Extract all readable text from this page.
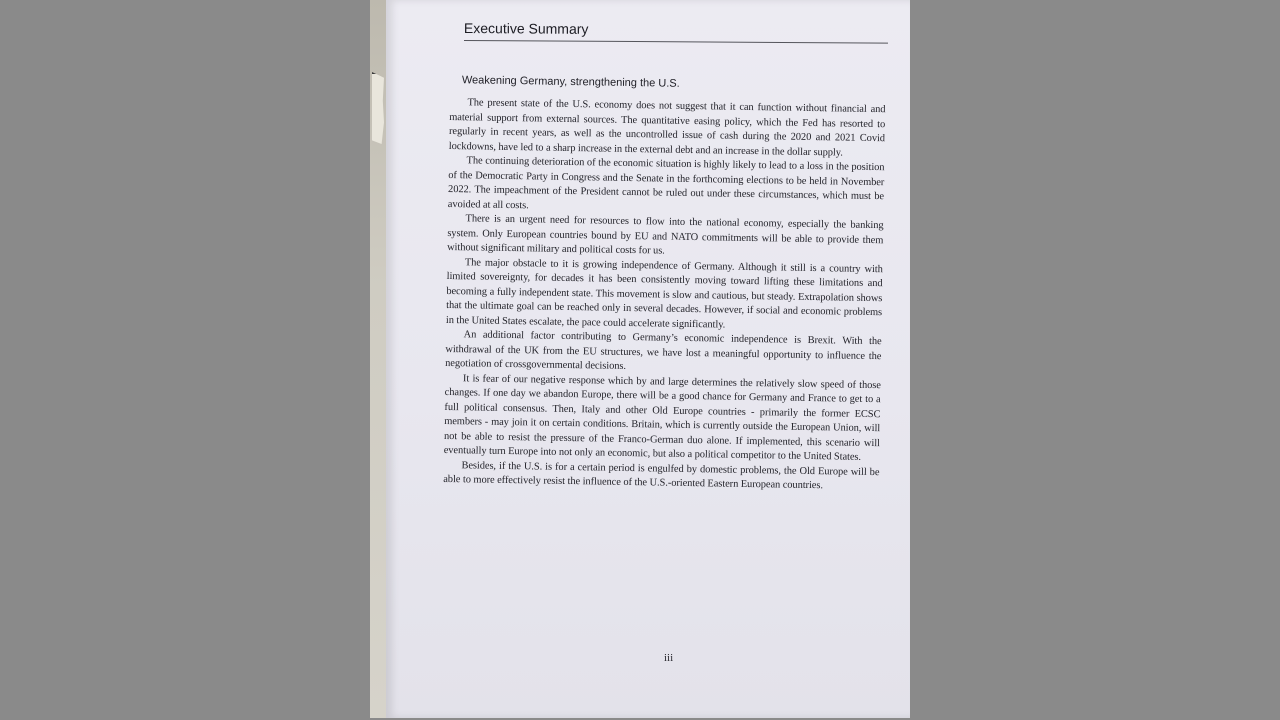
Executive Summary
Weakening Germany, strengthening the U.S.

The present state of the U.S. economy does not suggest that it can function without financial and material support from external sources. The quantitative easing policy, which the Fed has resorted to regularly in recent years, as well as the uncontrolled issue of cash during the 2020 and 2021 Covid lockdowns, have led to a sharp increase in the external debt and an increase in the dollar supply.

The continuing deterioration of the economic situation is highly likely to lead to a loss in the position of the Democratic Party in Congress and the Senate in the forthcoming elections to be held in November 2022. The impeachment of the President cannot be ruled out under these circumstances, which must be avoided at all costs.

There is an urgent need for resources to flow into the national economy, especially the banking system. Only European countries bound by EU and NATO commitments will be able to provide them without significant military and political costs for us.

The major obstacle to it is growing independence of Germany. Although it still is a country with limited sovereignty, for decades it has been consistently moving toward lifting these limitations and becoming a fully independent state. This movement is slow and cautious, but steady. Extrapolation shows that the ultimate goal can be reached only in several decades. However, if social and economic problems in the United States escalate, the pace could accelerate significantly.

An additional factor contributing to Germany’s economic independence is Brexit. With the withdrawal of the UK from the EU structures, we have lost a meaningful opportunity to influence the negotiation of crossgovernmental decisions.

It is fear of our negative response which by and large determines the relatively slow speed of those changes. If one day we abandon Europe, there will be a good chance for Germany and France to get to a full political consensus. Then, Italy and other Old Europe countries - primarily the former ECSC members - may join it on certain conditions. Britain, which is currently outside the European Union, will not be able to resist the pressure of the Franco-German duo alone. If implemented, this scenario will eventually turn Europe into not only an economic, but also a political competitor to the United States.

Besides, if the U.S. is for a certain period is engulfed by domestic problems, the Old Europe will be able to more effectively resist the influence of the U.S.-oriented Eastern European countries.

iii
